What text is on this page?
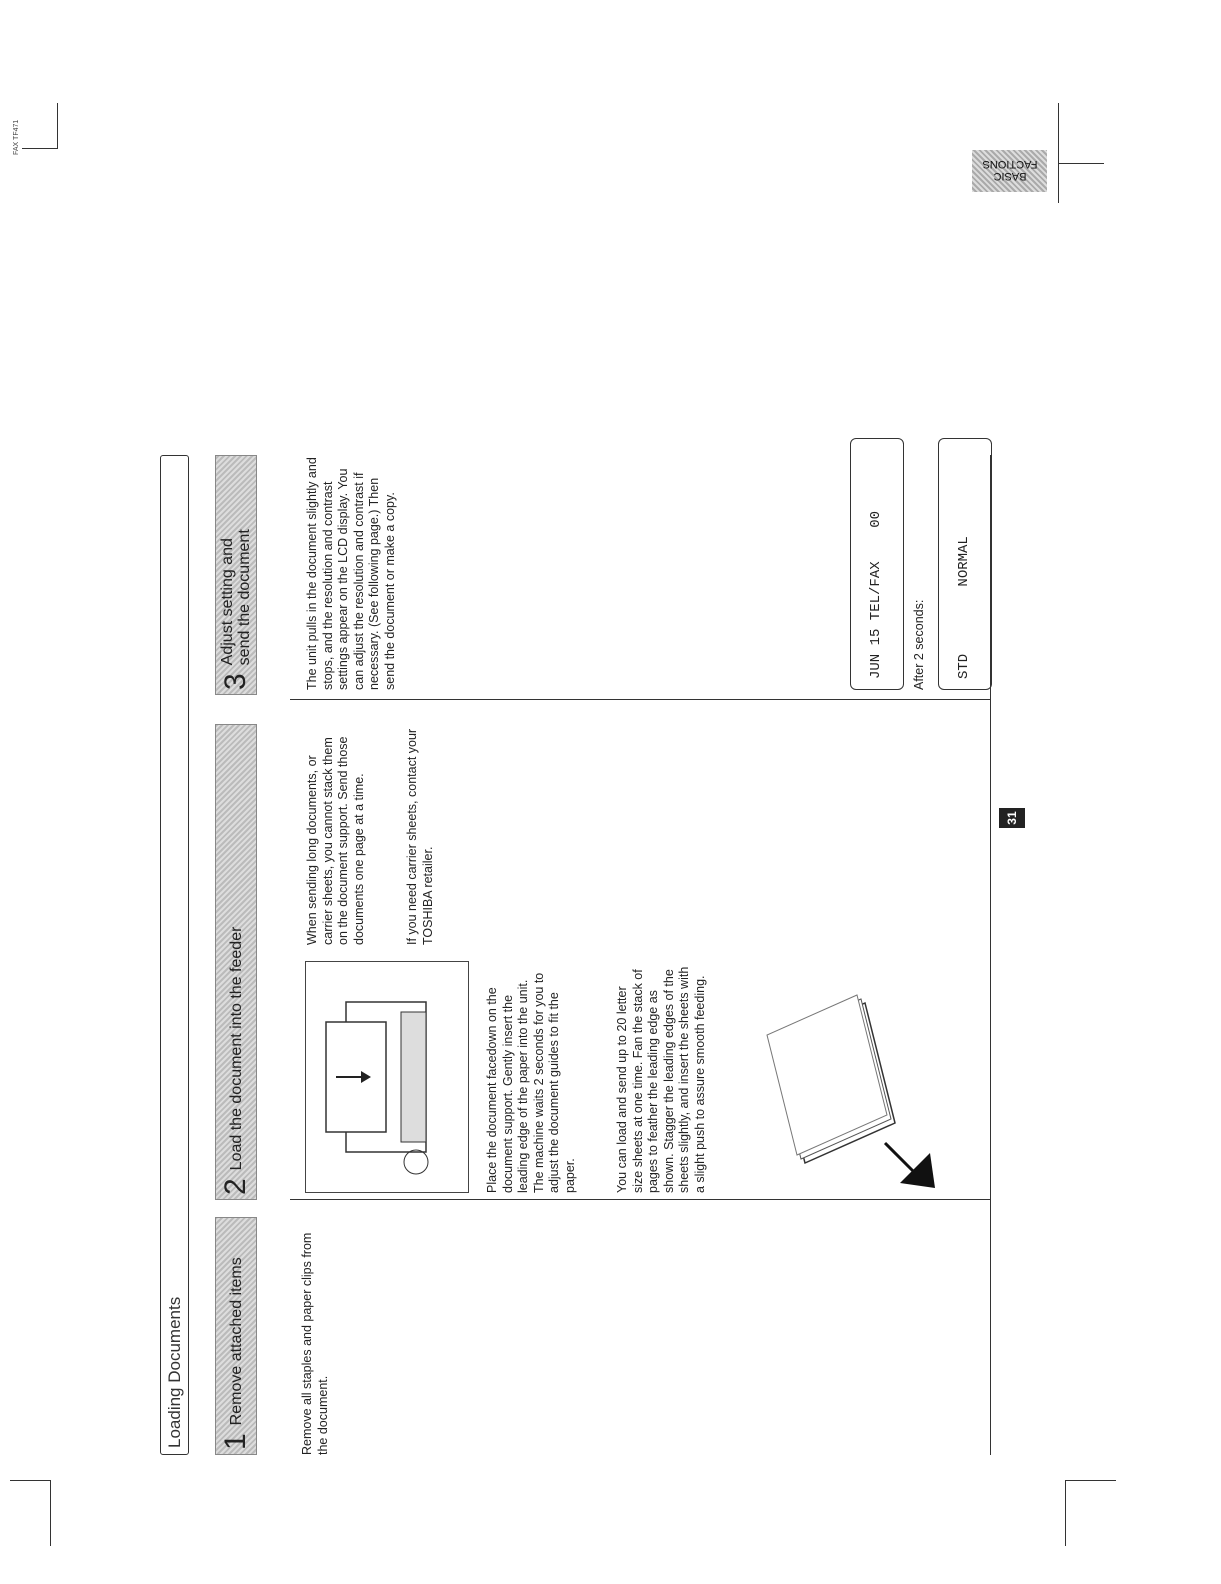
FAX TF471
BASIC FACTIONS
31
Loading Documents 1
Remove attached items	Remove all staples and paper clips from the document.
2
Load the document into the feeder	Place the document facedown on the document support. Gently insert the leading edge of the paper into the unit. The machine waits 2 seconds for you to adjust the document guides to fit the paper.	You can load and send up to 20 letter size sheets at one time. Fan the stack of pages to feather the leading edge as shown. Stagger the leading edges of the sheets slightly, and insert the sheets with a slight push to assure smooth feeding.
When sending long documents, or carrier sheets, you cannot stack them on the document support. Send those documents one page at a time.	If you need carrier sheets, contact your TOSHIBA retailer.
3
Adjust setting and
send the document	The unit pulls in the document slightly and stops, and the resolution and contrast settings appear on the LCD display. You can adjust the resolution and contrast if necessary. (See following page.) Then send the document or make a copy.	JUN 15 TEL/FAX    00	After 2 seconds:	STD        NORMAL
